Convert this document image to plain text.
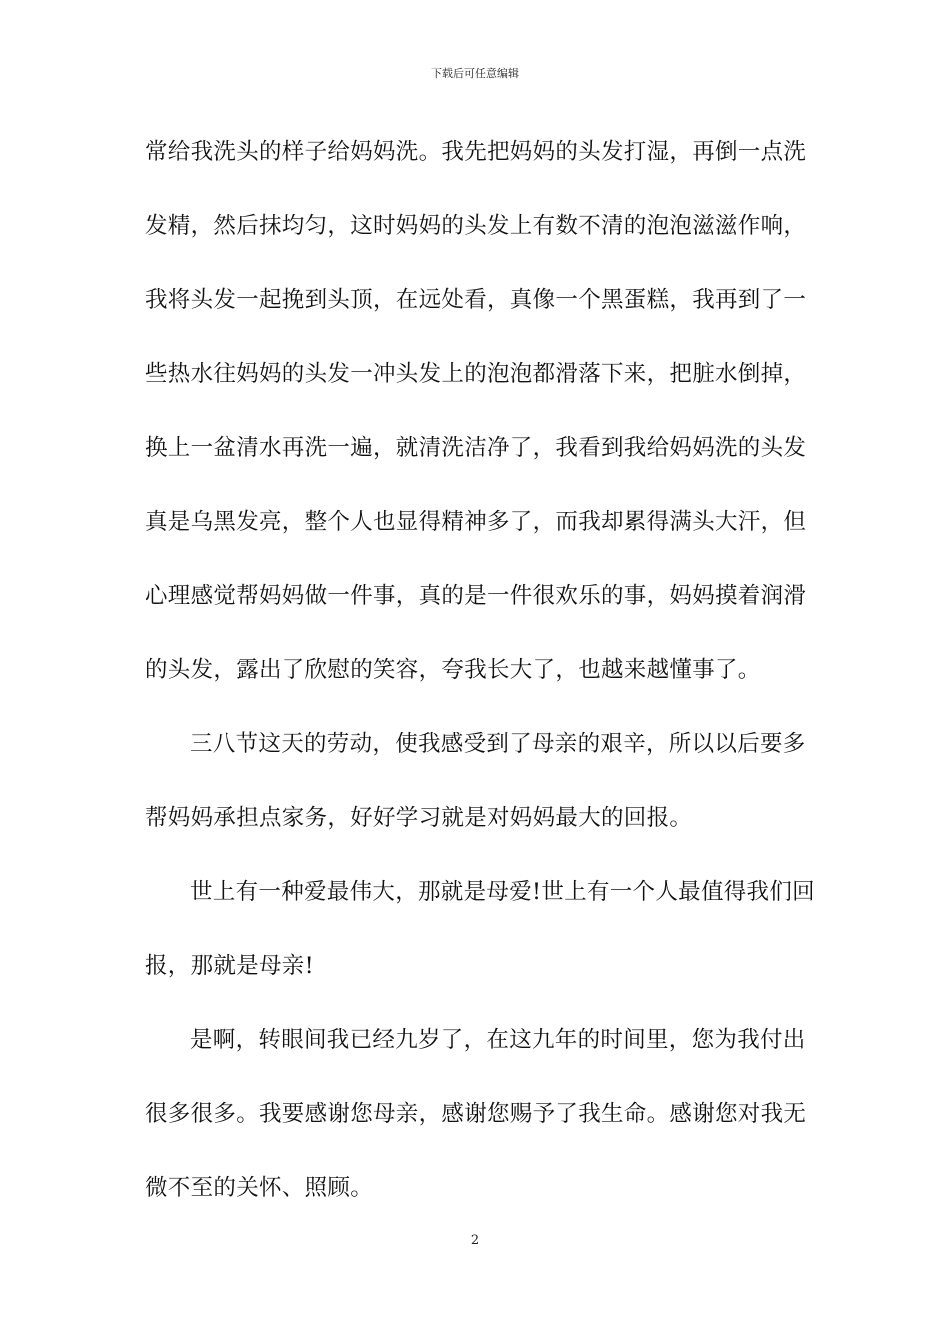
下载后可任意编辑
常给我洗头的样子给妈妈洗。我先把妈妈的头发打湿，再倒一点洗
发精，然后抹均匀，这时妈妈的头发上有数不清的泡泡滋滋作响，
我将头发一起挽到头顶，在远处看，真像一个黑蛋糕，我再到了一
些热水往妈妈的头发一冲头发上的泡泡都滑落下来，把脏水倒掉，
换上一盆清水再洗一遍，就清洗洁净了，我看到我给妈妈洗的头发
真是乌黑发亮，整个人也显得精神多了，而我却累得满头大汗，但
心理感觉帮妈妈做一件事，真的是一件很欢乐的事，妈妈摸着润滑
的头发，露出了欣慰的笑容，夸我长大了，也越来越懂事了。
三八节这天的劳动，使我感受到了母亲的艰辛，所以以后要多
帮妈妈承担点家务，好好学习就是对妈妈最大的回报。
世上有一种爱最伟大，那就是母爱!世上有一个人最值得我们回
报，那就是母亲!
是啊，转眼间我已经九岁了，在这九年的时间里，您为我付出
很多很多。我要感谢您母亲，感谢您赐予了我生命。感谢您对我无
微不至的关怀、照顾。
2
